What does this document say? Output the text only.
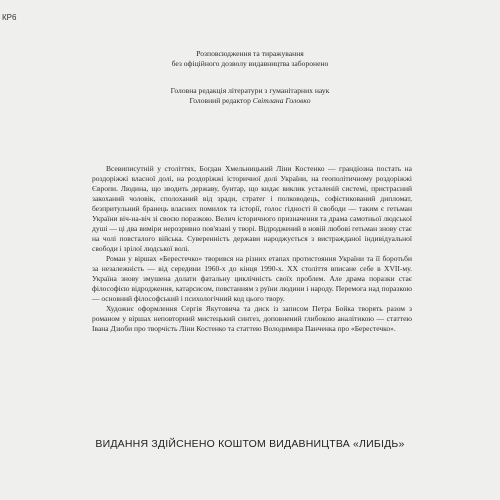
КР6
Розповсюдження та тиражування
без офіційного дозволу видавництва заборонено
Головна редакція літератури з гуманітарних наук
Головний редактор Світлана Головко

Всевиписутній у століттях, Богдан Хмельницький Ліни Костенко — грандіозна постать на роздоріжжі власної долі, на роздоріжжі історичної долі України, на геополітичному роздоріжжі Європи. Людина, що зводить державу, бунтар, що кидає виклик усталеній системі, пристрасний закоханий чоловік, сполоханий від зради, стратег і полководець, софістикований дипломат, безпритульний бранець власних помилок та історії, голос гідності й свободи — таким є гетьман України віч-на-віч зі своєю поразкою. Велич історичного призначення та драма самотньої людської душі — ці два виміри нерозривно пов'язані у творі. Відроджений в новій любові гетьман знову стає на чолі повсталого війська. Суверенність держави народжується з вистражданої індивідуальної свободи і зрілої людської волі.

Роман у віршах «Берестечко» творився на різних етапах протистояння України та її боротьби за незалежність — від середини 1960-х до кінця 1990-х. XX століття вписане себе в XVII-му. Україна знову змушена долати фатальну циклічність своїх проблем. Але драма поразки стає філософією відродження, катарсисом, повстанням з руїни людини і народу. Перемога над поразкою — основний філософський і психологічний код цього твору.

Художнє оформлення Сергія Якутовича та диск із записом Петра Бойка творять разом з романом у віршах неповторний мистецький синтез, доповнений глибокою аналітикою — статтею Івана Дзюби про творчість Ліни Костенко та статтею Володимира Панченка про «Берестечко».

ВИДАННЯ ЗДІЙСНЕНО КОШТОМ ВИДАВНИЦТВА «ЛИБІДЬ»
